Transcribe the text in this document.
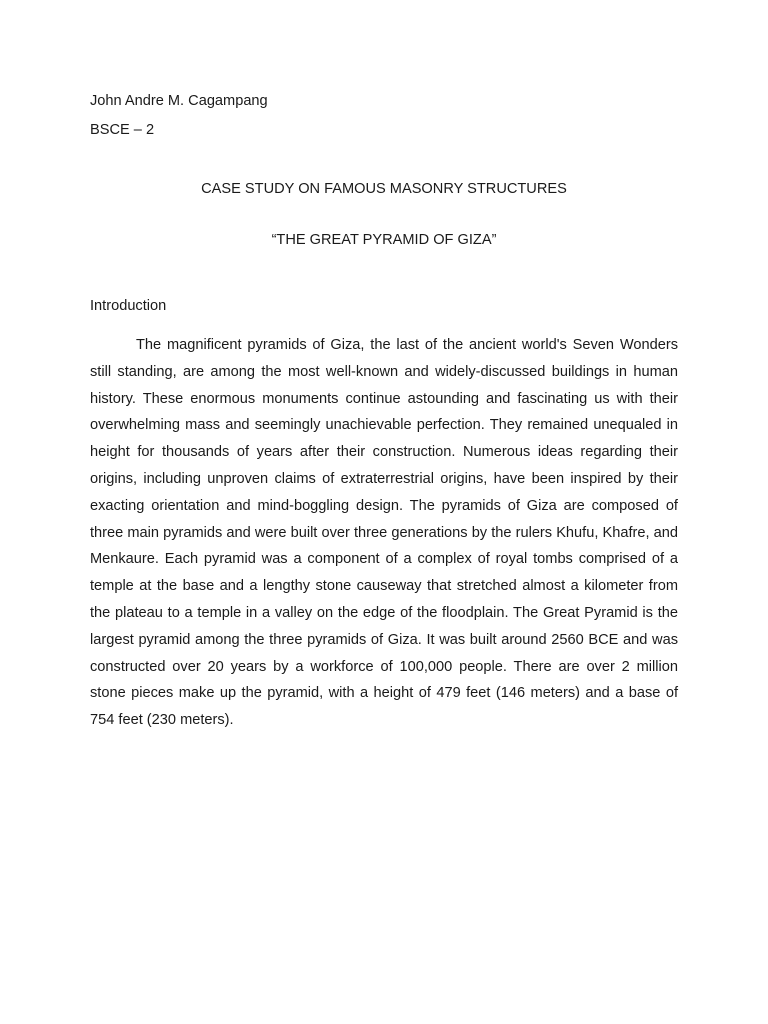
John Andre M. Cagampang

BSCE – 2

CASE STUDY ON FAMOUS MASONRY STRUCTURES

“THE GREAT PYRAMID OF GIZA”

Introduction

The magnificent pyramids of Giza, the last of the ancient world's Seven Wonders still standing, are among the most well-known and widely-discussed buildings in human history. These enormous monuments continue astounding and fascinating us with their overwhelming mass and seemingly unachievable perfection. They remained unequaled in height for thousands of years after their construction. Numerous ideas regarding their origins, including unproven claims of extraterrestrial origins, have been inspired by their exacting orientation and mind-boggling design. The pyramids of Giza are composed of three main pyramids and were built over three generations by the rulers Khufu, Khafre, and Menkaure. Each pyramid was a component of a complex of royal tombs comprised of a temple at the base and a lengthy stone causeway that stretched almost a kilometer from the plateau to a temple in a valley on the edge of the floodplain. The Great Pyramid is the largest pyramid among the three pyramids of Giza. It was built around 2560 BCE and was constructed over 20 years by a workforce of 100,000 people. There are over 2 million stone pieces make up the pyramid, with a height of 479 feet (146 meters) and a base of 754 feet (230 meters).
